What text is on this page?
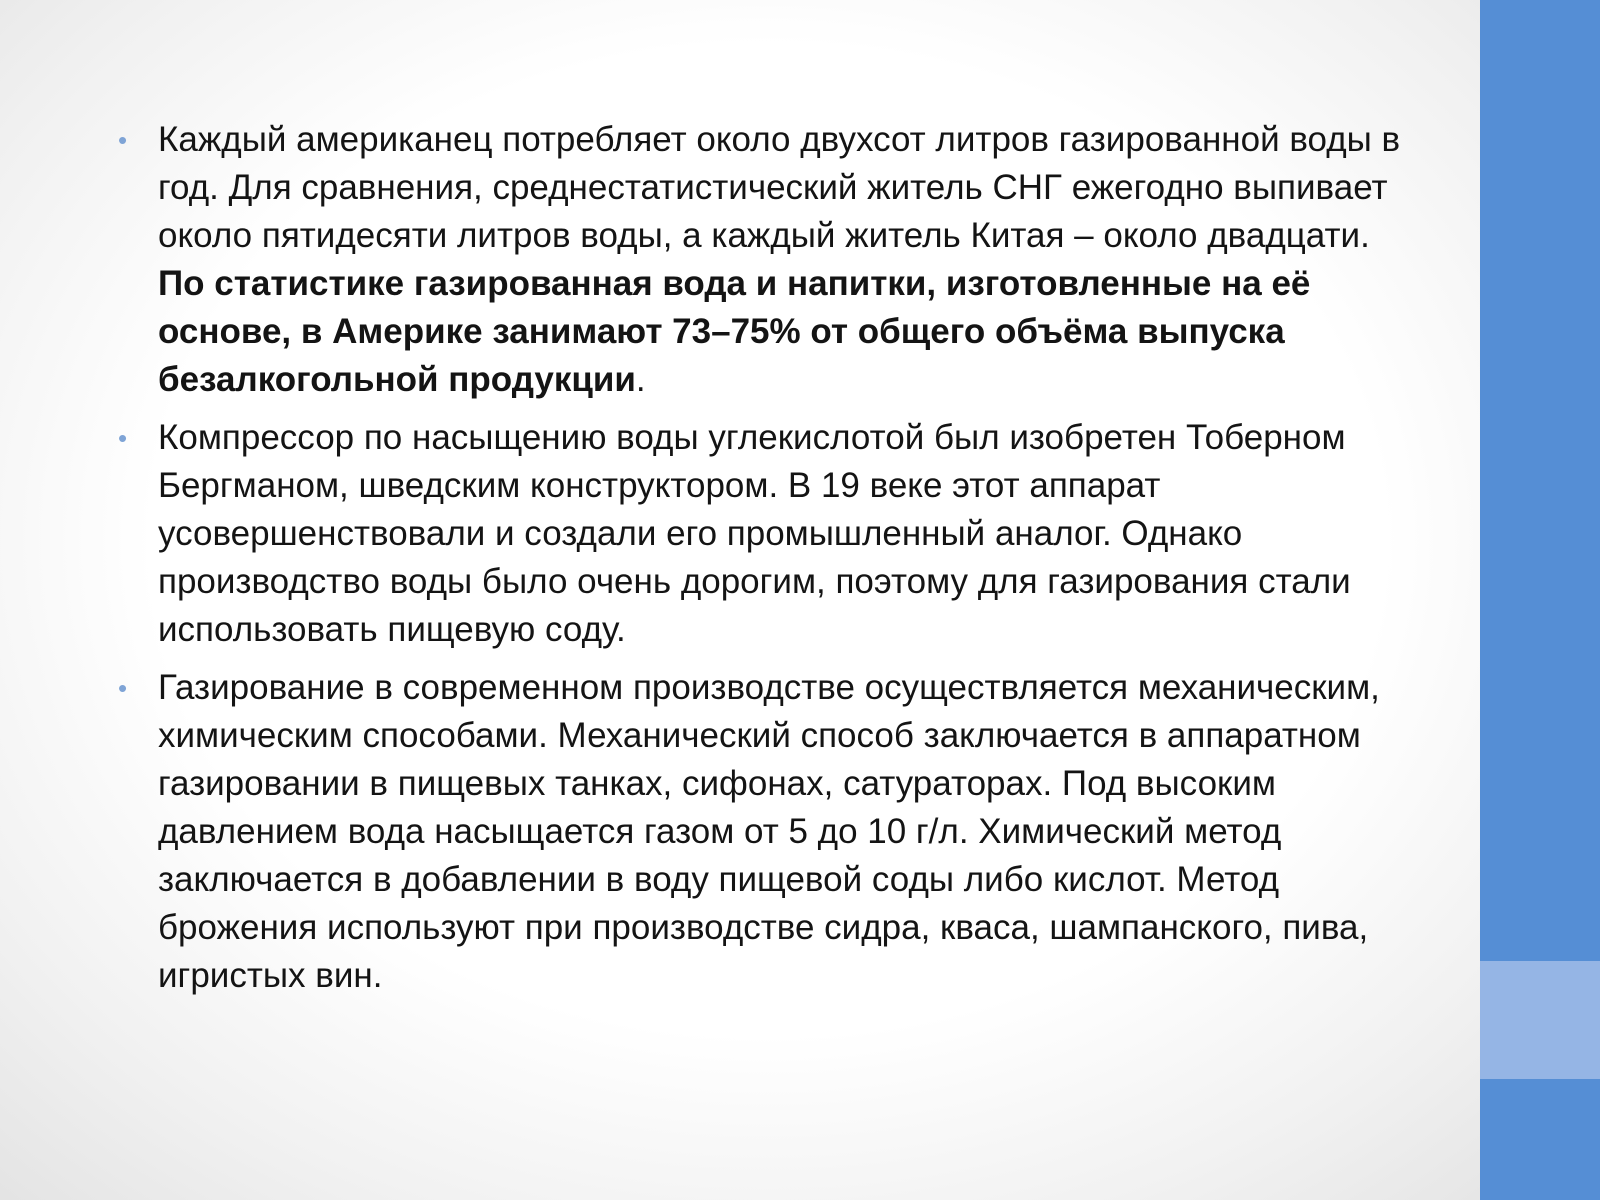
• Каждый американец потребляет около двухсот литров газированной воды в год. Для сравнения, среднестатистический житель СНГ ежегодно выпивает около пятидесяти литров воды, а каждый житель Китая – около двадцати. По статистике газированная вода и напитки, изготовленные на её основе, в Америке занимают 73–75% от общего объёма выпуска безалкогольной продукции.
• Компрессор по насыщению воды углекислотой был изобретен Тоберном Бергманом, шведским конструктором. В 19 веке этот аппарат усовершенствовали и создали его промышленный аналог. Однако производство воды было очень дорогим, поэтому для газирования стали использовать пищевую соду.
• Газирование в современном производстве осуществляется механическим, химическим способами. Механический способ заключается в аппаратном газировании в пищевых танках, сифонах, сатураторах. Под высоким давлением вода насыщается газом от 5 до 10 г/л. Химический метод заключается в добавлении в воду пищевой соды либо кислот. Метод брожения используют при производстве сидра, кваса, шампанского, пива, игристых вин.
